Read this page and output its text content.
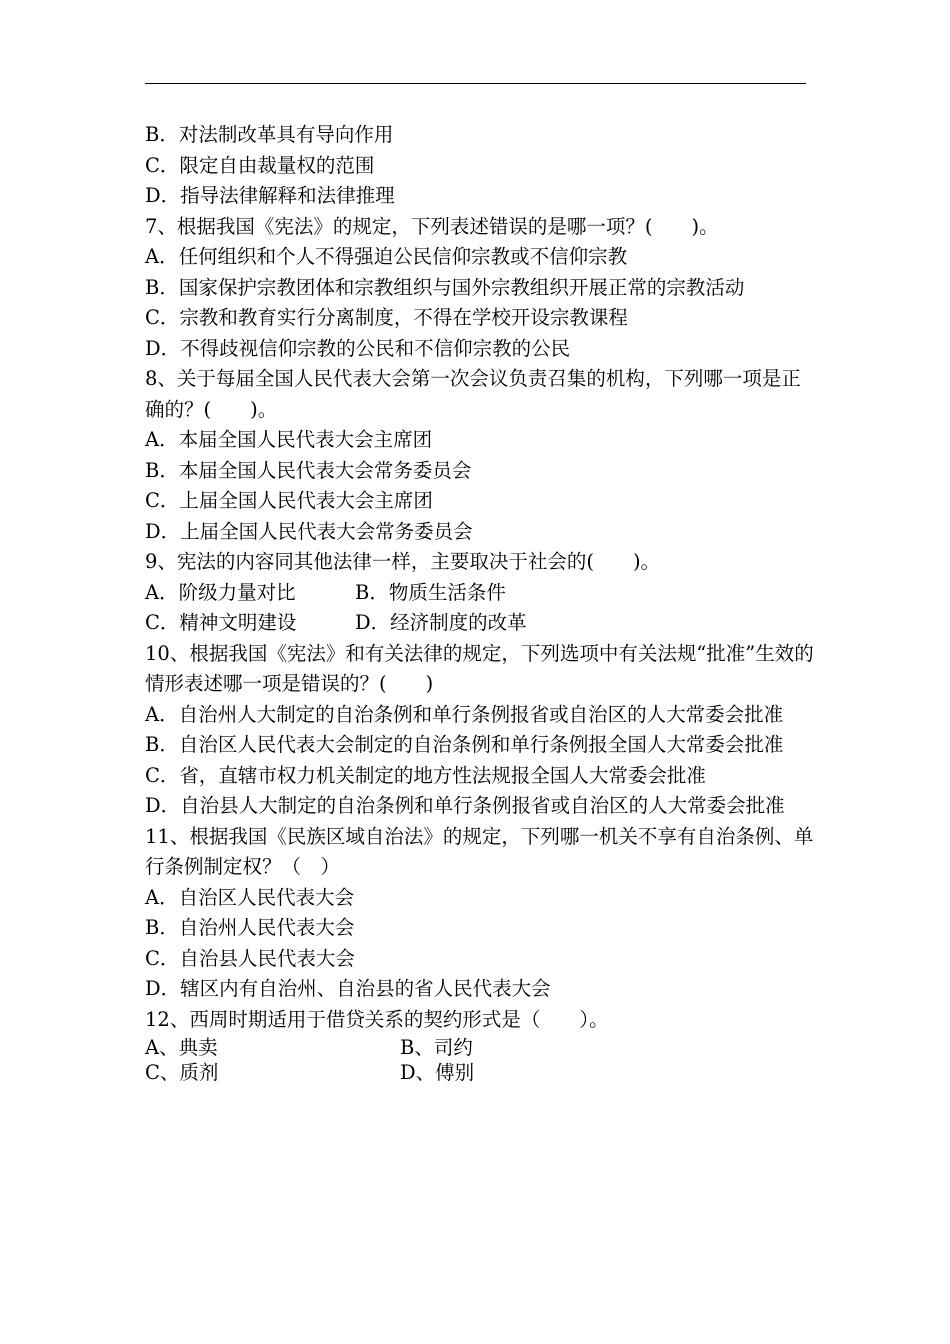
B．对法制改革具有导向作用
C．限定自由裁量权的范围
D．指导法律解释和法律推理
7、根据我国《宪法》的规定，下列表述错误的是哪一项？(　　)。
A．任何组织和个人不得强迫公民信仰宗教或不信仰宗教
B．国家保护宗教团体和宗教组织与国外宗教组织开展正常的宗教活动
C．宗教和教育实行分离制度，不得在学校开设宗教课程
D．不得歧视信仰宗教的公民和不信仰宗教的公民
8、关于每届全国人民代表大会第一次会议负责召集的机构，下列哪一项是正确的？(　　)。
A．本届全国人民代表大会主席团
B．本届全国人民代表大会常务委员会
C．上届全国人民代表大会主席团
D．上届全国人民代表大会常务委员会
9、宪法的内容同其他法律一样，主要取决于社会的(　　)。
A．阶级力量对比	B．物质生活条件
C．精神文明建设	D．经济制度的改革
10、根据我国《宪法》和有关法律的规定，下列选项中有关法规“批准”生效的情形表述哪一项是错误的？(　　)
A．自治州人大制定的自治条例和单行条例报省或自治区的人大常委会批准
B．自治区人民代表大会制定的自治条例和单行条例报全国人大常委会批准
C．省，直辖市权力机关制定的地方性法规报全国人大常委会批准
D．自治县人大制定的自治条例和单行条例报省或自治区的人大常委会批准
11、根据我国《民族区域自治法》的规定，下列哪一机关不享有自治条例、单行条例制定权？（　）
A．自治区人民代表大会
B．自治州人民代表大会
C．自治县人民代表大会
D．辖区内有自治州、自治县的省人民代表大会
12、西周时期适用于借贷关系的契约形式是（　　）。
A、典卖	B、司约
C、质剂	D、傅别
